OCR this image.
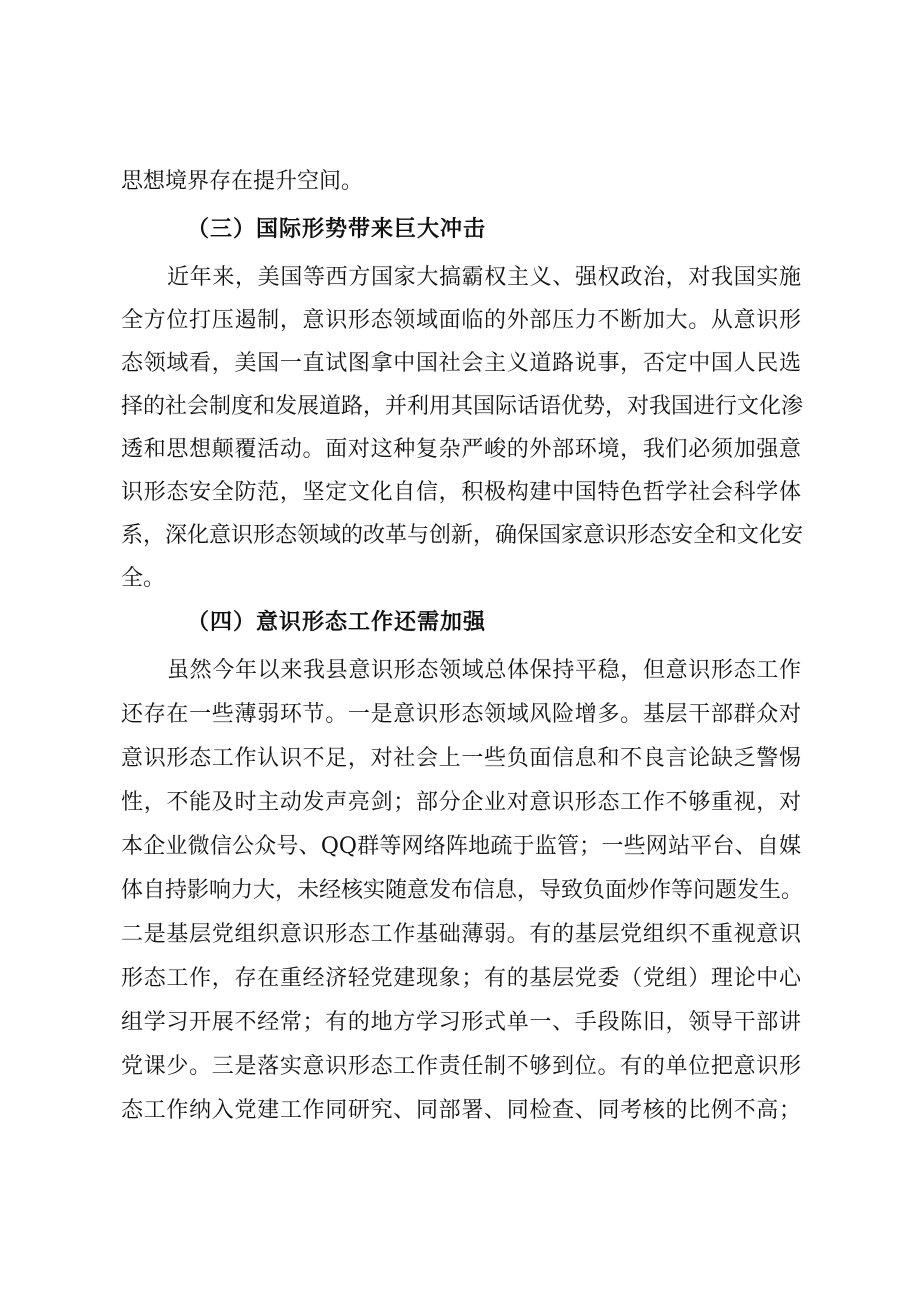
思想境界存在提升空间。
（三）国际形势带来巨大冲击
近年来，美国等西方国家大搞霸权主义、强权政治，对我国实施
全方位打压遏制，意识形态领域面临的外部压力不断加大。从意识形
态领域看，美国一直试图拿中国社会主义道路说事，否定中国人民选
择的社会制度和发展道路，并利用其国际话语优势，对我国进行文化渗
透和思想颠覆活动。面对这种复杂严峻的外部环境，我们必须加强意
识形态安全防范，坚定文化自信，积极构建中国特色哲学社会科学体
系，深化意识形态领域的改革与创新，确保国家意识形态安全和文化安
全。
（四）意识形态工作还需加强
虽然今年以来我县意识形态领域总体保持平稳，但意识形态工作
还存在一些薄弱环节。一是意识形态领域风险增多。基层干部群众对
意识形态工作认识不足，对社会上一些负面信息和不良言论缺乏警惕
性，不能及时主动发声亮剑；部分企业对意识形态工作不够重视，对
本企业微信公众号、QQ群等网络阵地疏于监管；一些网站平台、自媒
体自持影响力大，未经核实随意发布信息，导致负面炒作等问题发生。
二是基层党组织意识形态工作基础薄弱。有的基层党组织不重视意识
形态工作，存在重经济轻党建现象；有的基层党委（党组）理论中心
组学习开展不经常；有的地方学习形式单一、手段陈旧，领导干部讲
党课少。三是落实意识形态工作责任制不够到位。有的单位把意识形
态工作纳入党建工作同研究、同部署、同检查、同考核的比例不高；
